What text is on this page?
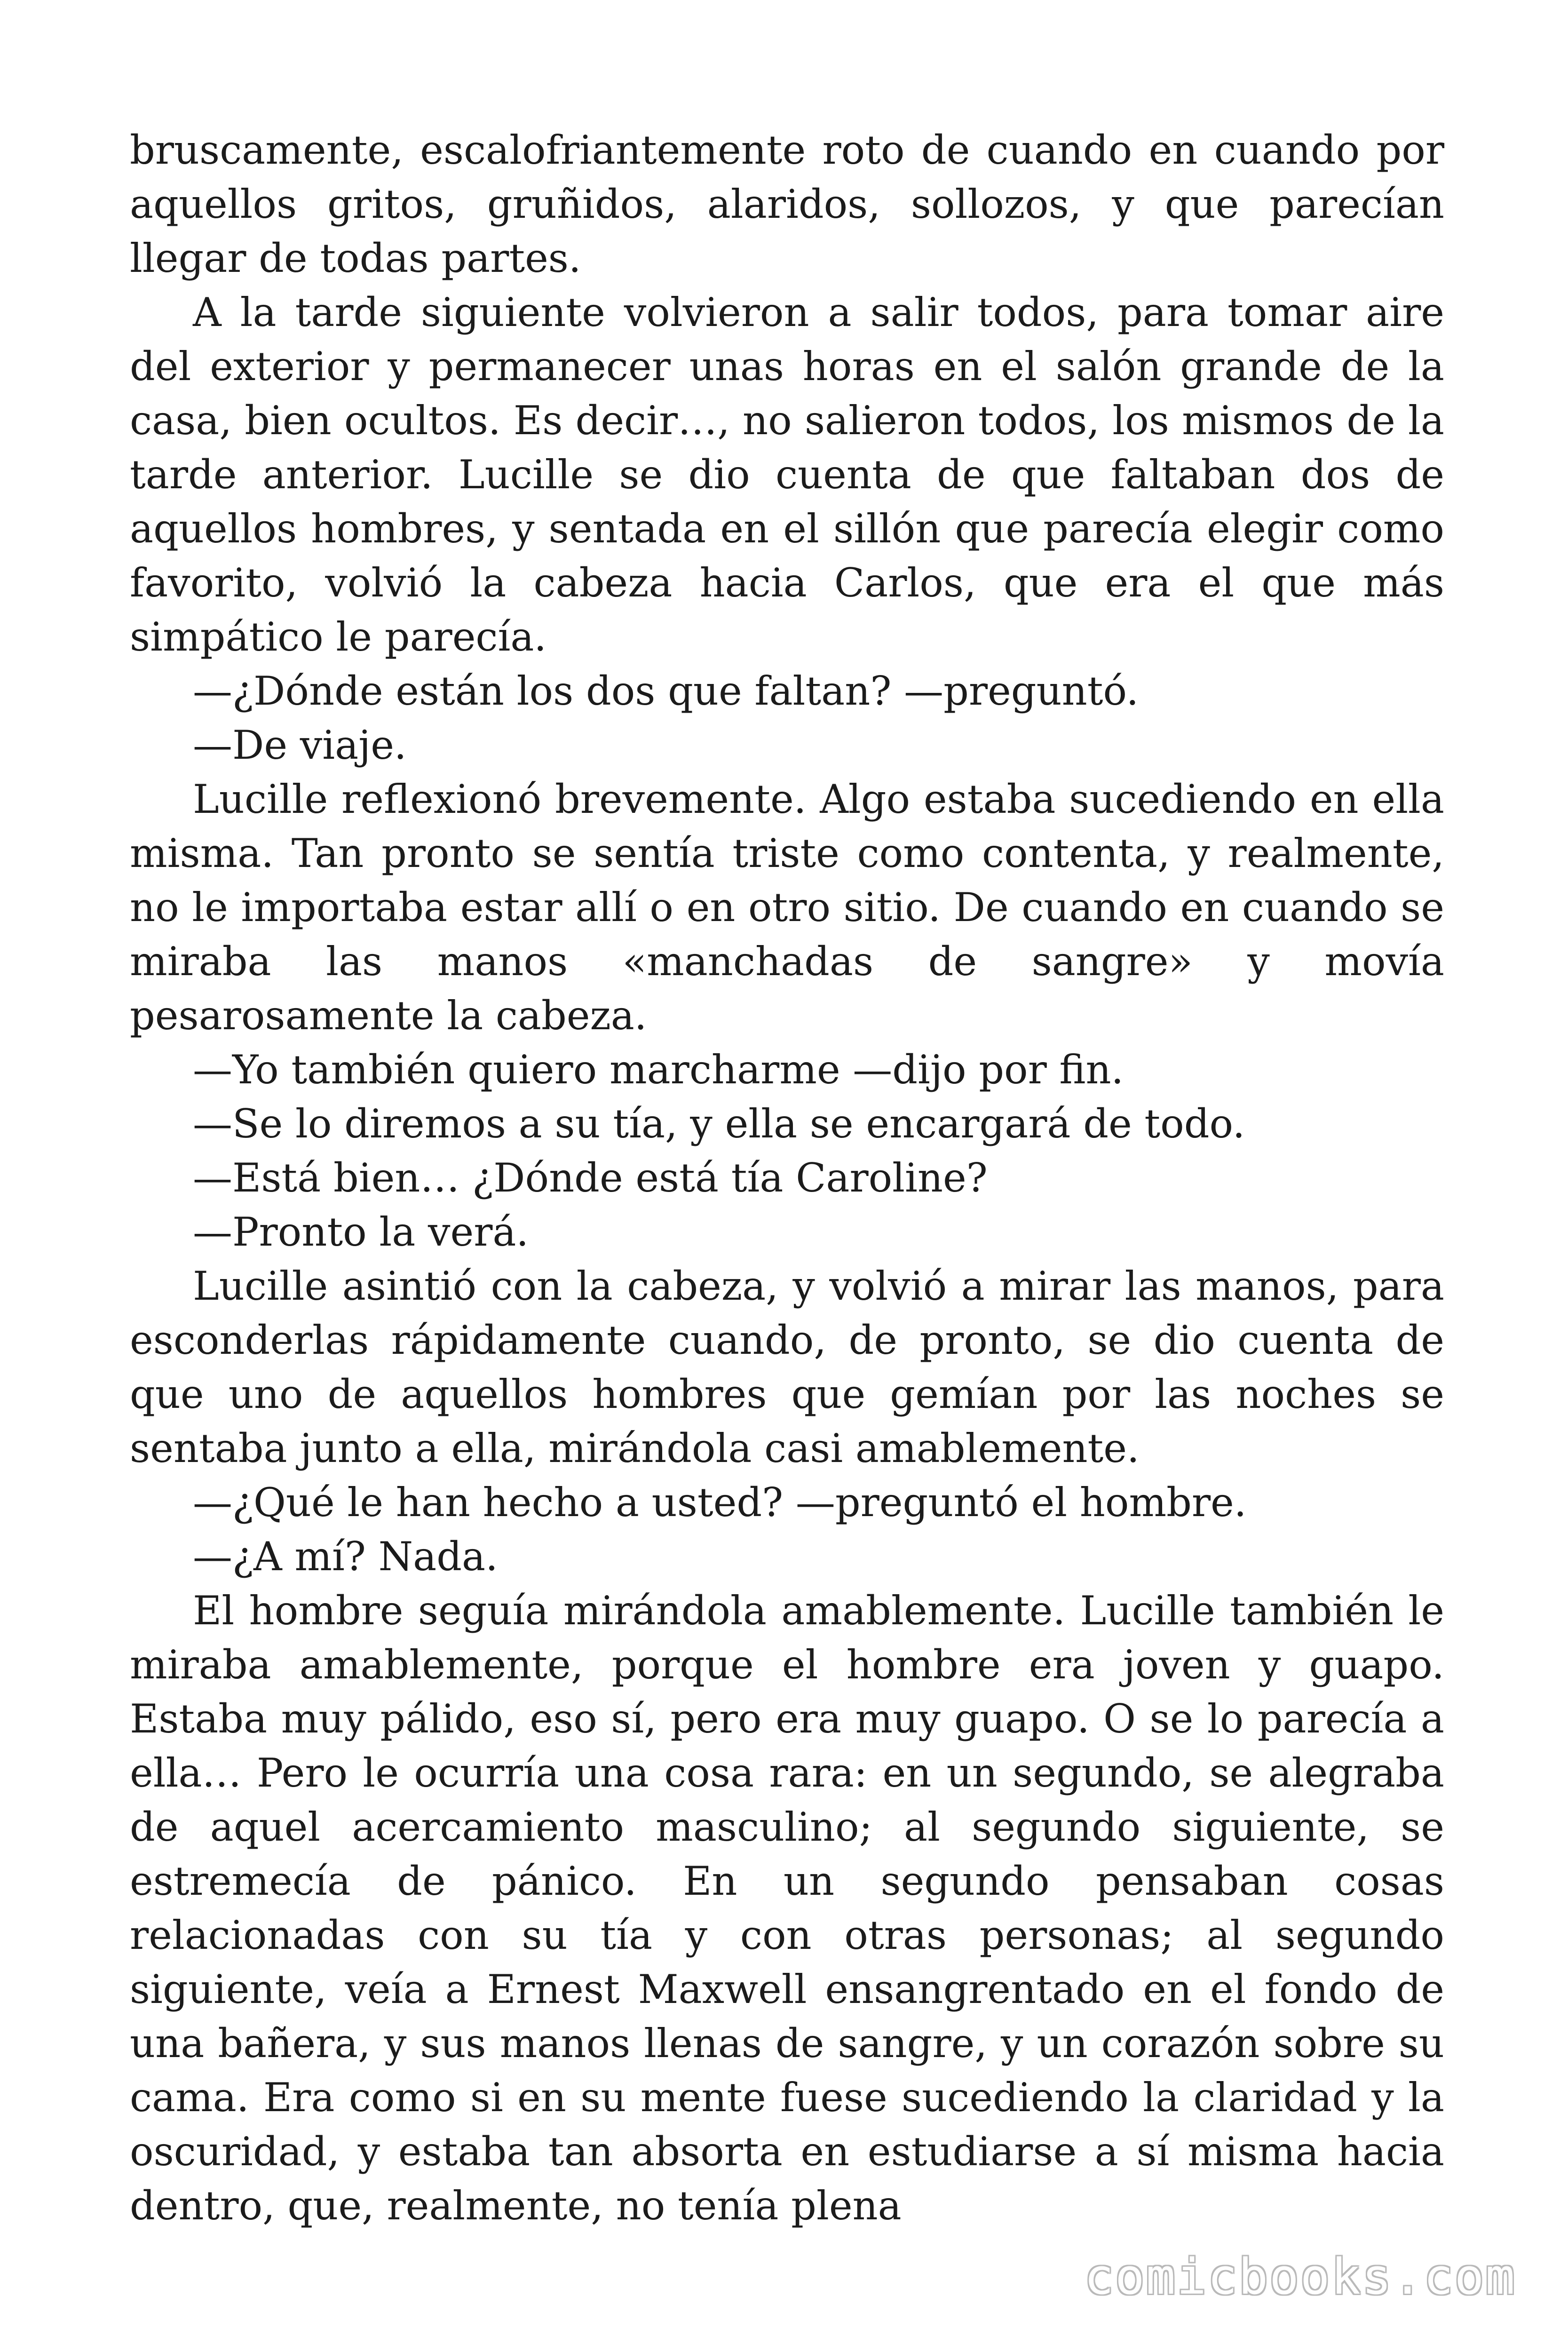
bruscamente, escalofriantemente roto de cuando en cuando por aquellos gritos, gruñidos, alaridos, sollozos, y que parecían llegar de todas partes.

A la tarde siguiente volvieron a salir todos, para tomar aire del exterior y permanecer unas horas en el salón grande de la casa, bien ocultos. Es decir…, no salieron todos, los mismos de la tarde anterior. Lucille se dio cuenta de que faltaban dos de aquellos hombres, y sentada en el sillón que parecía elegir como favorito, volvió la cabeza hacia Carlos, que era el que más simpático le parecía.

—¿Dónde están los dos que faltan? —preguntó.

—De viaje.

Lucille reflexionó brevemente. Algo estaba sucediendo en ella misma. Tan pronto se sentía triste como contenta, y realmente, no le importaba estar allí o en otro sitio. De cuando en cuando se miraba las manos «manchadas de sangre» y movía pesarosamente la cabeza.

—Yo también quiero marcharme —dijo por fin.

—Se lo diremos a su tía, y ella se encargará de todo.

—Está bien… ¿Dónde está tía Caroline?

—Pronto la verá.

Lucille asintió con la cabeza, y volvió a mirar las manos, para esconderlas rápidamente cuando, de pronto, se dio cuenta de que uno de aquellos hombres que gemían por las noches se sentaba junto a ella, mirándola casi amablemente.

—¿Qué le han hecho a usted? —preguntó el hombre.

—¿A mí? Nada.

El hombre seguía mirándola amablemente. Lucille también le miraba amablemente, porque el hombre era joven y guapo. Estaba muy pálido, eso sí, pero era muy guapo. O se lo parecía a ella… Pero le ocurría una cosa rara: en un segundo, se alegraba de aquel acercamiento masculino; al segundo siguiente, se estremecía de pánico. En un segundo pensaban cosas relacionadas con su tía y con otras personas; al segundo siguiente, veía a Ernest Maxwell ensangrentado en el fondo de una bañera, y sus manos llenas de sangre, y un corazón sobre su cama. Era como si en su mente fuese sucediendo la claridad y la oscuridad, y estaba tan absorta en estudiarse a sí misma hacia dentro, que, realmente, no tenía plena

comicbooks.com
